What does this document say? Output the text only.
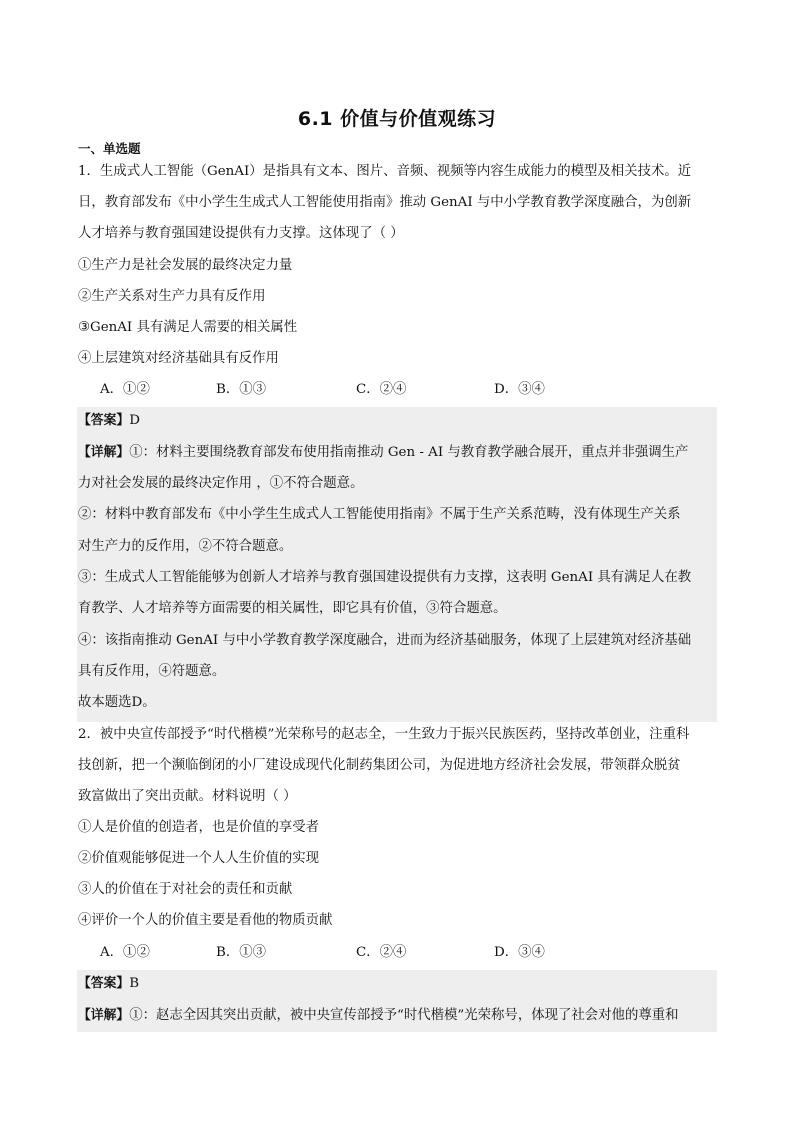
6.1 价值与价值观练习
一、单选题
1．生成式人工智能（GenAI）是指具有文本、图片、音频、视频等内容生成能力的模型及相关技术。近
日，教育部发布《中小学生生成式人工智能使用指南》推动 GenAI 与中小学教育教学深度融合，为创新
人才培养与教育强国建设提供有力支撑。这体现了（ ）
①生产力是社会发展的最终决定力量
②生产关系对生产力具有反作用
③GenAI 具有满足人需要的相关属性
④上层建筑对经济基础具有反作用
A．①②	B．①③	C．②④	D．③④
【答案】D
【详解】①：材料主要围绕教育部发布使用指南推动 Gen - AI 与教育教学融合展开，重点并非强调生产
力对社会发展的最终决定作用 ，①不符合题意。
②：材料中教育部发布《中小学生生成式人工智能使用指南》不属于生产关系范畴，没有体现生产关系
对生产力的反作用，②不符合题意。
③：生成式人工智能能够为创新人才培养与教育强国建设提供有力支撑，这表明 GenAI 具有满足人在教
育教学、人才培养等方面需要的相关属性，即它具有价值，③符合题意。
④：该指南推动 GenAI 与中小学教育教学深度融合，进而为经济基础服务，体现了上层建筑对经济基础
具有反作用，④符题意。
故本题选D。
2．被中央宣传部授予“时代楷模”光荣称号的赵志全，一生致力于振兴民族医药，坚持改革创业，注重科
技创新，把一个濒临倒闭的小厂建设成现代化制药集团公司，为促进地方经济社会发展，带领群众脱贫
致富做出了突出贡献。材料说明（ ）
①人是价值的创造者，也是价值的享受者
②价值观能够促进一个人人生价值的实现
③人的价值在于对社会的责任和贡献
④评价一个人的价值主要是看他的物质贡献
A．①②	B．①③	C．②④	D．③④
【答案】B
【详解】①：赵志全因其突出贡献，被中央宣传部授予“时代楷模”光荣称号，体现了社会对他的尊重和
